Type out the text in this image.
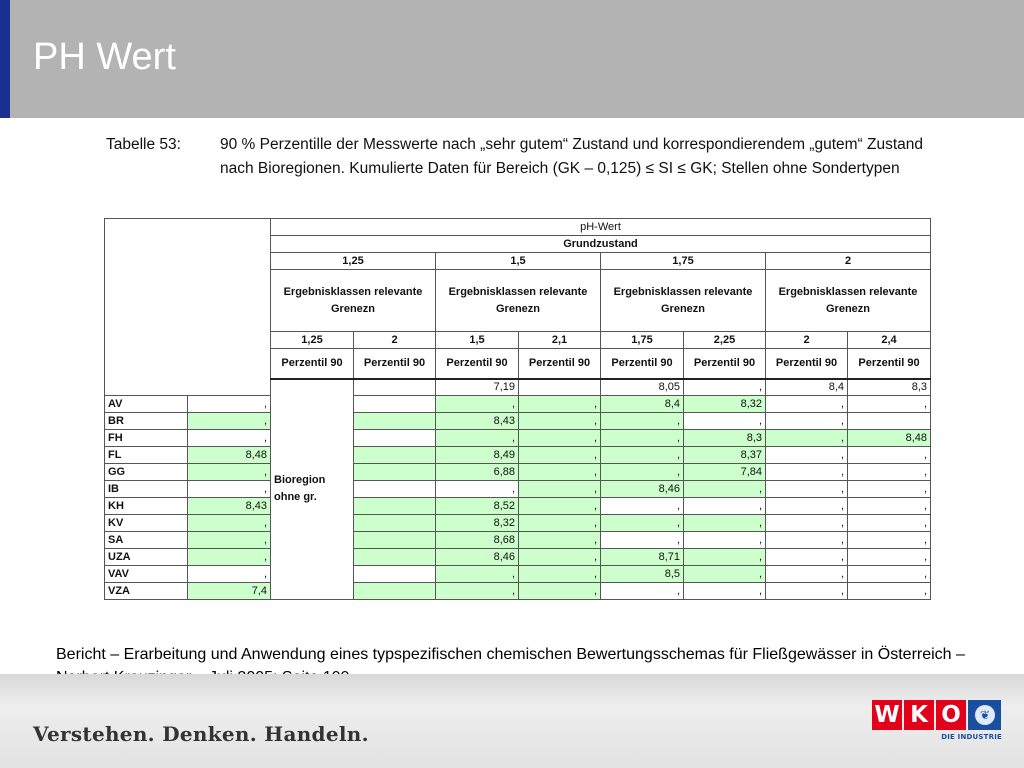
PH Wert
Tabelle 53:	90 % Perzentille der Messwerte nach „sehr gutem“ Zustand und korrespondierendem „gutem“ Zustand nach Bioregionen. Kumulierte Daten für Bereich (GK – 0,125) ≤ SI ≤ GK; Stellen ohne Sondertypen
		pH-Wert								
		Grundzustand								
		1,25		1,5		1,75		2		
		Ergebnisklassen relevante Grenezn		Ergebnisklassen relevante Grenezn		Ergebnisklassen relevante Grenezn		Ergebnisklassen relevante Grenezn		
		1,25	2	1,5	2,1	1,75	2,25	2	2,4	
		Perzentil 90	Perzentil 90	Perzentil 90	Perzentil 90	Perzentil 90	Perzentil 90	Perzentil 90	Perzentil 90	
		Bioregion ohne gr.		7,19		8,05	,	8,4	8,3		
AV	,			,	,	8,4	8,32	,	,	
BR	,			8,43	,	,	,	,		
FH	,			,	,	,	8,3	,	8,48	
FL	8,48			8,49	,	,	8,37	,	,	
GG	,			6,88	,	,	7,84	,	,	
IB	,			,	,	8,46	,	,	,	
KH	8,43			8,52	,	,	,	,	,	
KV	,			8,32	,	,	,	,	,	
SA	,			8,68	,	,	,	,	,	
UZA	,			8,46	,	8,71	,	,	,	
VAV	,			,	,	8,5	,	,	,	
VZA	7,4			,	,	,	,	,	,	
Bericht – Erarbeitung und Anwendung eines typspezifischen chemischen Bewertungsschemas für Fließgewässer in Österreich –
Verstehen. Denken. Handeln.
W K O	❦
DIE INDUSTRIE
